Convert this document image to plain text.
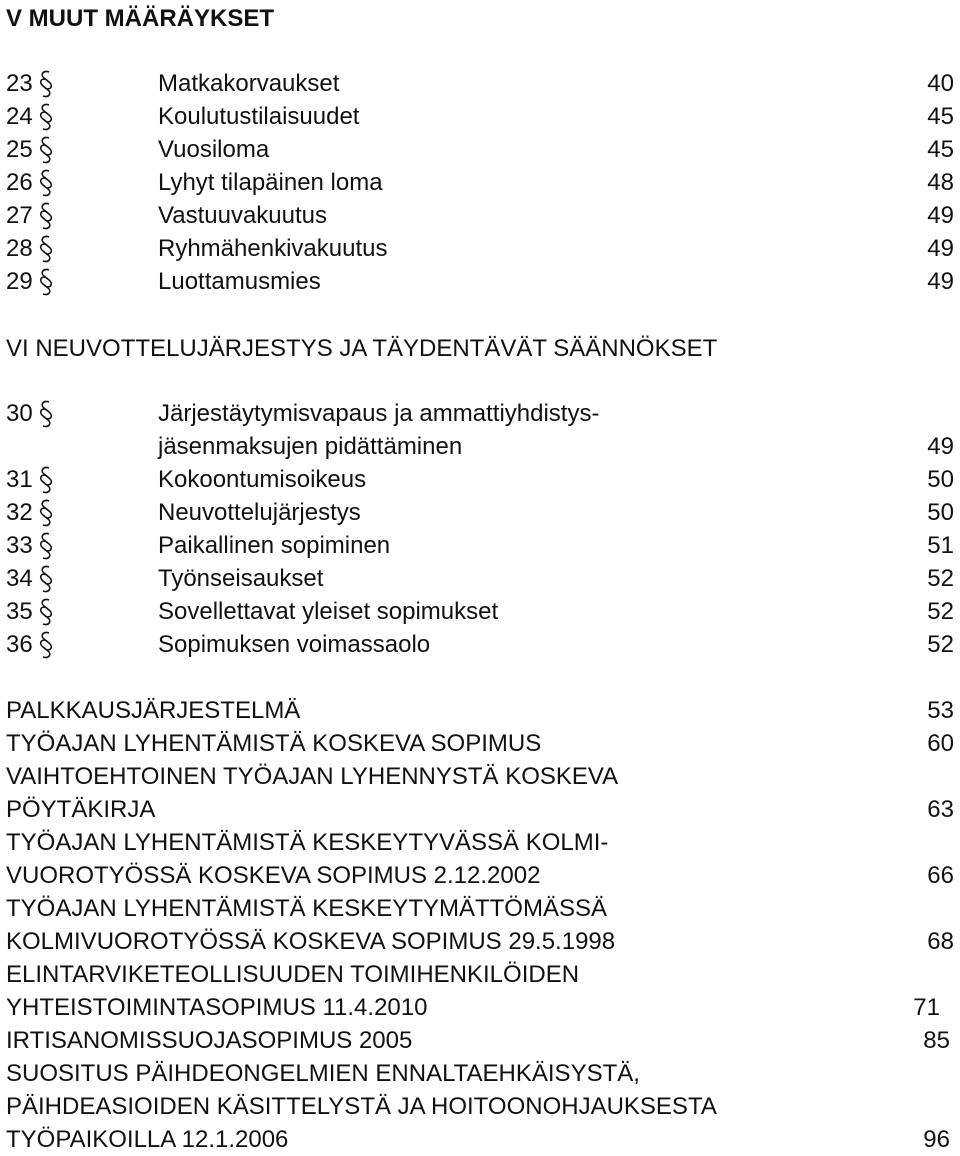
V MUUT MÄÄRÄYKSET
23	Matkakorvaukset	40
24	Koulutustilaisuudet	45
25	Vuosiloma	45
26	Lyhyt tilapäinen loma	48
27	Vastuuvakuutus	49
28	Ryhmähenkivakuutus	49
29	Luottamusmies	49
VI NEUVOTTELUJÄRJESTYS JA TÄYDENTÄVÄT SÄÄNNÖKSET
30	Järjestäytymisvapaus ja ammattiyhdistys-
jäsenmaksujen pidättäminen	49
31	Kokoontumisoikeus	50
32	Neuvottelujärjestys	50
33	Paikallinen sopiminen	51
34	Työnseisaukset	52
35	Sovellettavat yleiset sopimukset	52
36	Sopimuksen voimassaolo	52
PALKKAUSJÄRJESTELMÄ	53
TYÖAJAN LYHENTÄMISTÄ KOSKEVA SOPIMUS	60
VAIHTOEHTOINEN TYÖAJAN LYHENNYSTÄ KOSKEVA
PÖYTÄKIRJA	63
TYÖAJAN LYHENTÄMISTÄ KESKEYTYVÄSSÄ KOLMI-
VUOROTYÖSSÄ KOSKEVA SOPIMUS 2.12.2002	66
TYÖAJAN LYHENTÄMISTÄ KESKEYTYMÄTTÖMÄSSÄ
KOLMIVUOROTYÖSSÄ KOSKEVA SOPIMUS 29.5.1998	68
ELINTARVIKETEOLLISUUDEN TOIMIHENKILÖIDEN
YHTEISTOIMINTASOPIMUS 11.4.2010	71
IRTISANOMISSUOJASOPIMUS 2005	85
SUOSITUS PÄIHDEONGELMIEN ENNALTAEHKÄISYSTÄ,
PÄIHDEASIOIDEN KÄSITTELYSTÄ JA HOITOONOHJAUKSESTA
TYÖPAIKOILLA 12.1.2006	96
